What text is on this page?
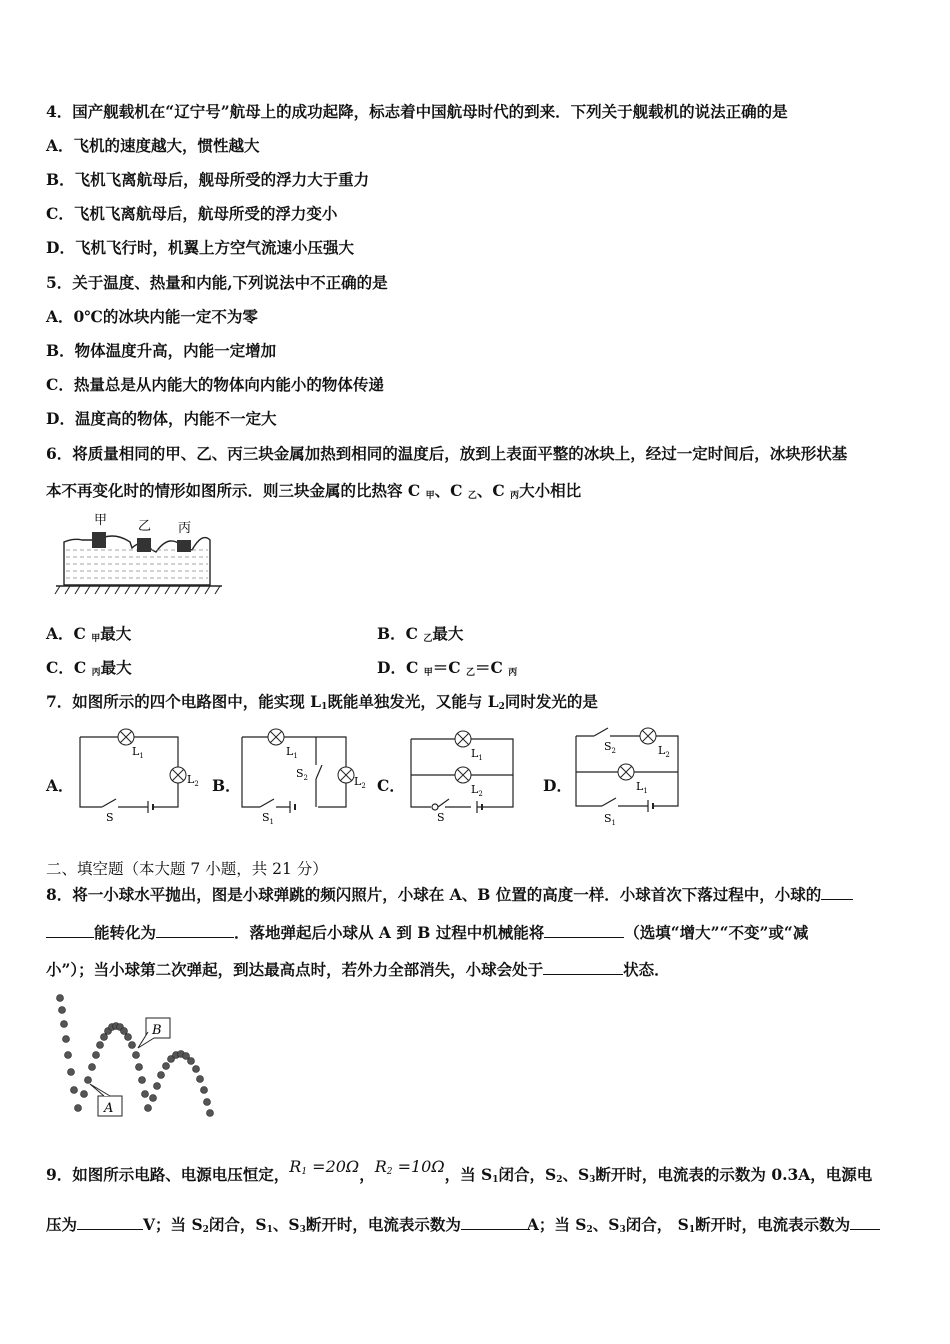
4．国产舰载机在“辽宁号”航母上的成功起降，标志着中国航母时代的到来．下列关于舰载机的说法正确的是
A．飞机的速度越大，惯性越大
B．飞机飞离航母后，舰母所受的浮力大于重力
C．飞机飞离航母后，航母所受的浮力变小
D．飞机飞行时，机翼上方空气流速小压强大
5．关于温度、热量和内能,下列说法中不正确的是
A．0℃的冰块内能一定不为零
B．物体温度升高，内能一定增加
C．热量总是从内能大的物体向内能小的物体传递
D．温度高的物体，内能不一定大
6．将质量相同的甲、乙、丙三块金属加热到相同的温度后，放到上表面平整的冰块上，经过一定时间后，冰块形状基
本不再变化时的情形如图所示．则三块金属的比热容 C $_甲$、C $_乙$、C $_丙$大小相比
甲 乙 丙
A．C $_甲$最大	B．C $_乙$最大
C．C $_丙$最大	D．C $_甲$＝C $_乙$＝C $_丙$
7．如图所示的四个电路图中，能实现 $L_1$既能单独发光，又能与 $L_2$同时发光的是
A．	B．	C．	D．
$L_1$
$L_2$
S
$L_1$
$L_2$
$S_2$
$S_1$
$L_1$
$L_2$
S
$S_2$	$L_2$
$L_1$
$S_1$
二、填空题（本大题 7 小题，共 21 分）
8．将一小球水平抛出，图是小球弹跳的频闪照片，小球在 A、B 位置的高度一样．小球首次下落过程中，小球的
能转化为	．落地弹起后小球从 A 到 B 过程中机械能将	（选填“增大”“不变”或“减
小”）；当小球第二次弹起，到达最高点时，若外力全部消失，小球会处于	状态．
A
B
9．如图所示电路、电源电压恒定，$R_1 =20\Omega$，$R_2 =10\Omega$，当 $S_1$闭合，$S_2$、$S_3$断开时，电流表的示数为 0.3A，电源电
压为	V；当 $S_2$闭合，$S_1$、$S_3$断开时，电流表示数为	A；当 $S_2$、$S_3$闭合， $S_1$断开时，电流表示数为
